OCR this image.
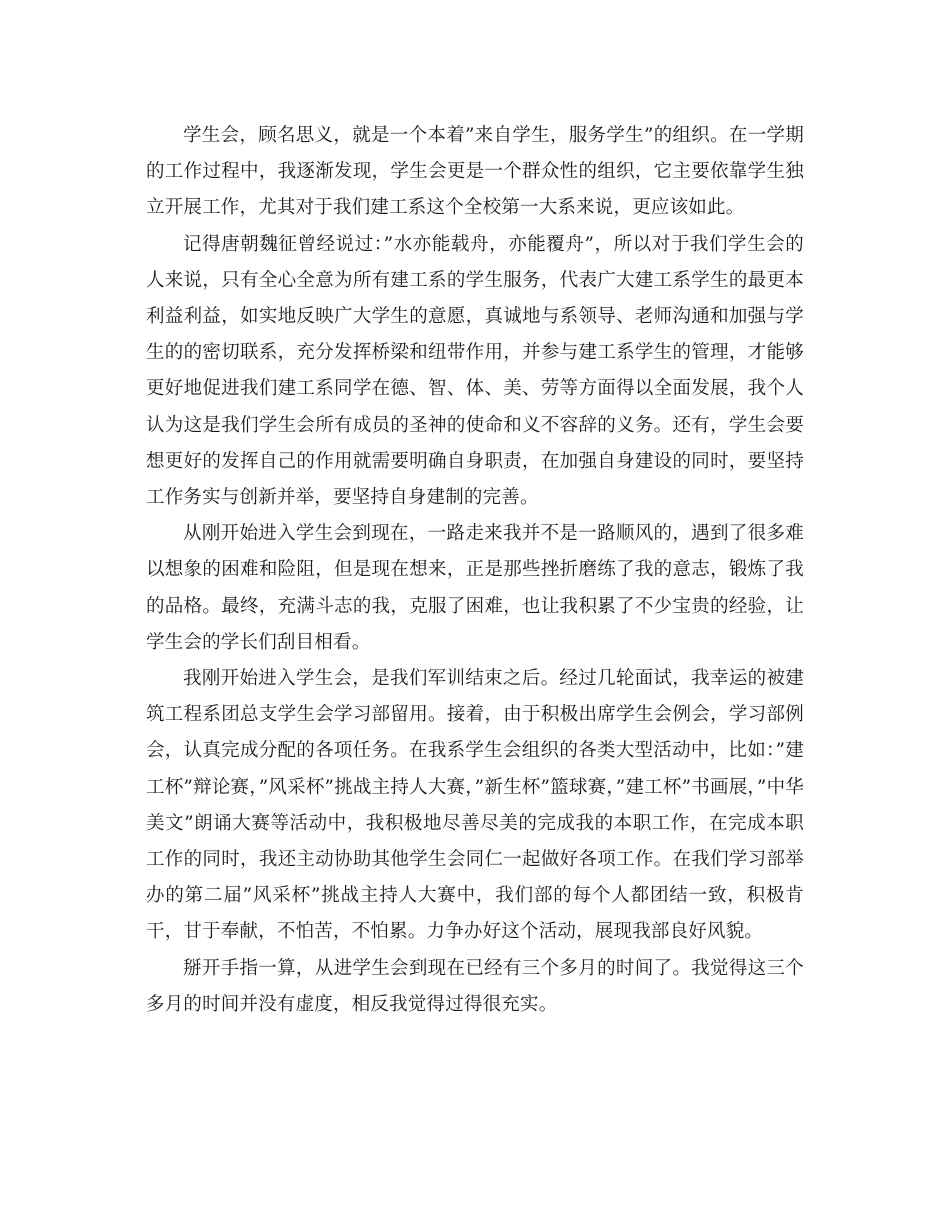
学生会，顾名思义，就是一个本着”来自学生，服务学生”的组织。在一学期的工作过程中，我逐渐发现，学生会更是一个群众性的组织，它主要依靠学生独立开展工作，尤其对于我们建工系这个全校第一大系来说，更应该如此。

记得唐朝魏征曾经说过：”水亦能载舟，亦能覆舟”，所以对于我们学生会的人来说，只有全心全意为所有建工系的学生服务，代表广大建工系学生的最更本利益利益，如实地反映广大学生的意愿，真诚地与系领导、老师沟通和加强与学生的的密切联系，充分发挥桥梁和纽带作用，并参与建工系学生的管理，才能够更好地促进我们建工系同学在德、智、体、美、劳等方面得以全面发展，我个人认为这是我们学生会所有成员的圣神的使命和义不容辞的义务。还有，学生会要想更好的发挥自己的作用就需要明确自身职责，在加强自身建设的同时，要坚持工作务实与创新并举，要坚持自身建制的完善。

从刚开始进入学生会到现在，一路走来我并不是一路顺风的，遇到了很多难以想象的困难和险阻，但是现在想来，正是那些挫折磨练了我的意志，锻炼了我的品格。最终，充满斗志的我，克服了困难，也让我积累了不少宝贵的经验，让学生会的学长们刮目相看。

我刚开始进入学生会，是我们军训结束之后。经过几轮面试，我幸运的被建筑工程系团总支学生会学习部留用。接着，由于积极出席学生会例会，学习部例会，认真完成分配的各项任务。在我系学生会组织的各类大型活动中，比如：”建工杯”辩论赛，”风采杯”挑战主持人大赛，”新生杯”篮球赛，”建工杯”书画展，”中华美文”朗诵大赛等活动中，我积极地尽善尽美的完成我的本职工作，在完成本职工作的同时，我还主动协助其他学生会同仁一起做好各项工作。在我们学习部举办的第二届”风采杯”挑战主持人大赛中，我们部的每个人都团结一致，积极肯干，甘于奉献，不怕苦，不怕累。力争办好这个活动，展现我部良好风貌。

掰开手指一算，从进学生会到现在已经有三个多月的时间了。我觉得这三个多月的时间并没有虚度，相反我觉得过得很充实。
